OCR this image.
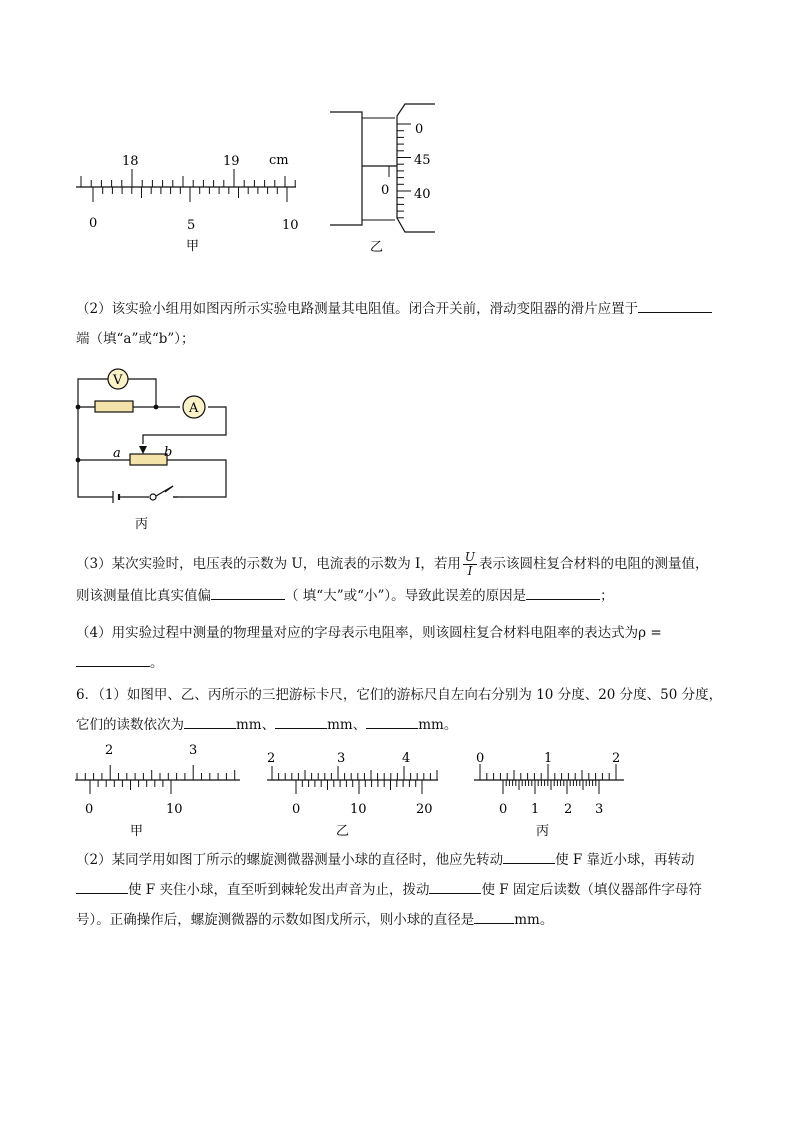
18	19 cm
0	5	10
甲
0
45
40
0
乙
（2）该实验小组用如图丙所示实验电路测量其电阻值。闭合开关前，滑动变阻器的滑片应置于
端（填“a”或“b”）；
V
A
a	b
丙
（3）某次实验时，电压表的示数为 U，电流表的示数为 I，若用 $\frac{U}{I}$ 表示该圆柱复合材料的电阻的测量值，
则该测量值比真实值偏	（ 填“大”或“小”）。导致此误差的原因是	；
（4）用实验过程中测量的物理量对应的字母表示电阻率，则该圆柱复合材料电阻率的表达式为ρ =
。
6．（1）如图甲、乙、丙所示的三把游标卡尺，它们的游标尺自左向右分别为 10 分度、20 分度、50 分度，
它们的读数依次为	mm、	mm、	mm。
2	3
0	10
甲
2	3	4
0	10	20
乙
0	1	2
0 1 2 3
丙
（2）某同学用如图丁所示的螺旋测微器测量小球的直径时，他应先转动	使 F 靠近小球，再转动
使 F 夹住小球，直至听到棘轮发出声音为止，拨动	使 F 固定后读数（填仪器部件字母符
号）。正确操作后，螺旋测微器的示数如图戊所示，则小球的直径是	mm。
